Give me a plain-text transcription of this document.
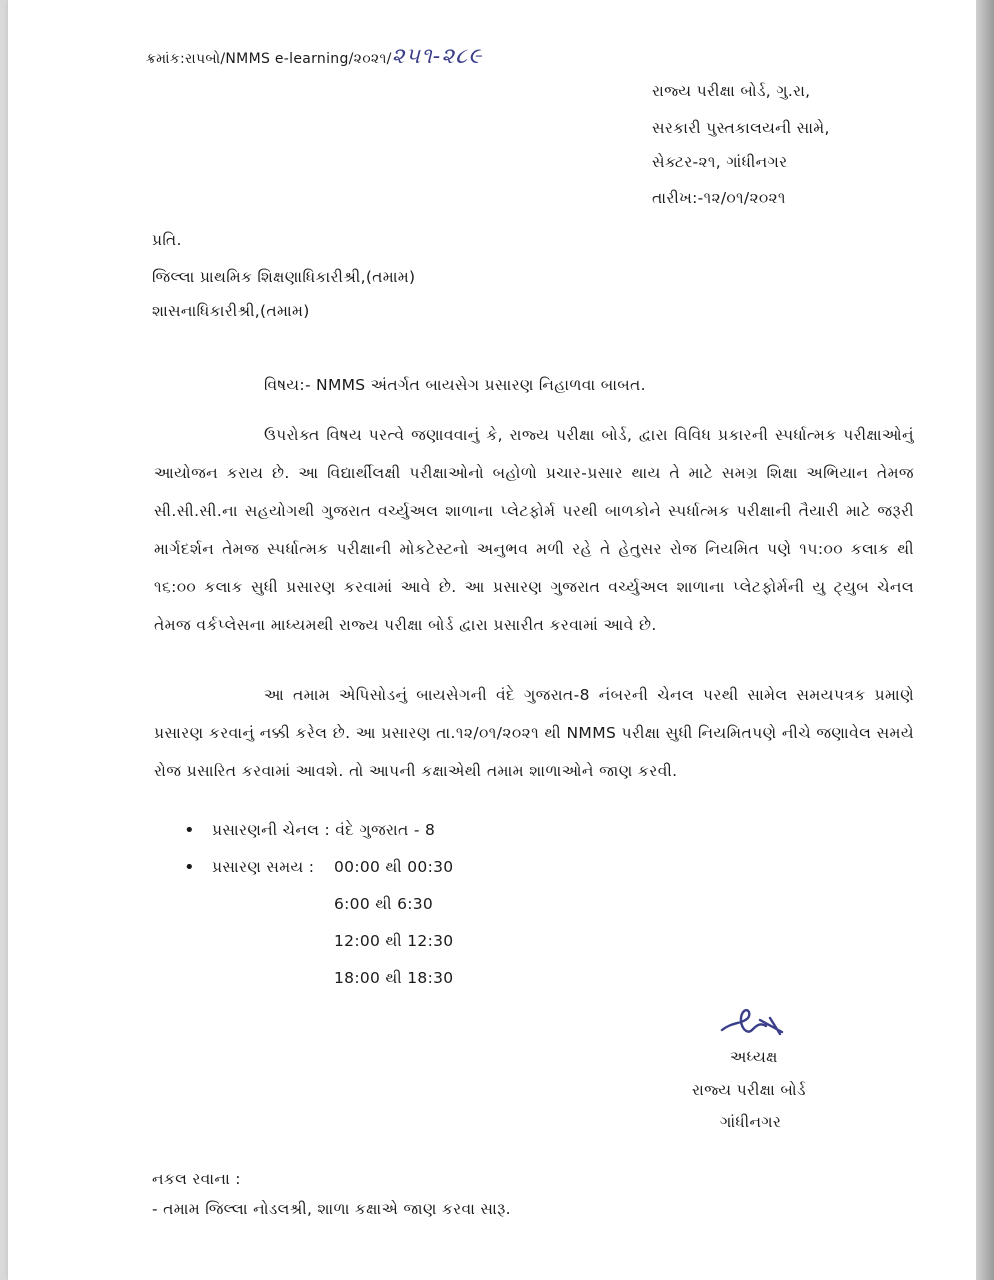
ક્રમાંક:રાપબો/NMMS e-learning/૨૦૨૧/૨૫૧-૨૮૯
રાજ્ય પરીક્ષા બોર્ડ, ગુ.રા,
સરકારી પુસ્તકાલયની સામે,
સેક્ટર-૨૧, ગાંધીનગર
તારીખ:-૧૨/૦૧/૨૦૨૧
પ્રતિ.
જિલ્લા પ્રાથમિક શિક્ષણાધિકારીશ્રી,(તમામ)
શાસનાધિકારીશ્રી,(તમામ)
વિષય:- NMMS અંતર્ગત બાયસેગ પ્રસારણ નિહાળવા બાબત.

ઉપરોક્ત વિષય પરત્વે જણાવવાનું કે, રાજ્ય પરીક્ષા બોર્ડ, દ્વારા વિવિધ પ્રકારની સ્પર્ધાત્મક પરીક્ષાઓનું આયોજન કરાય છે. આ વિદ્યાર્થીલક્ષી પરીક્ષાઓનો બહોળો પ્રચાર-પ્રસાર થાય તે માટે સમગ્ર શિક્ષા અભિયાન તેમજ સી.સી.સી.ના સહયોગથી ગુજરાત વર્ચ્યુઅલ શાળાના પ્લેટફોર્મ પરથી બાળકોને સ્પર્ધાત્મક પરીક્ષાની તૈયારી માટે જરૂરી માર્ગદર્શન તેમજ સ્પર્ધાત્મક પરીક્ષાની મોકટેસ્ટનો અનુભવ મળી રહે તે હેતુસર રોજ નિયમિત પણે ૧૫:૦૦ કલાક થી ૧૬:૦૦ કલાક સુધી પ્રસારણ કરવામાં આવે છે. આ પ્રસારણ ગુજરાત વર્ચ્યુઅલ શાળાના પ્લેટફોર્મની યુ ટ્યુબ ચેનલ તેમજ વર્કપ્લેસના માધ્યમથી રાજ્ય પરીક્ષા બોર્ડ દ્વારા પ્રસારીત કરવામાં આવે છે.

આ તમામ એપિસોડનું બાયસેગની વંદે ગુજરાત-8 નંબરની ચેનલ પરથી સામેલ સમયપત્રક પ્રમાણે પ્રસારણ કરવાનું નક્કી કરેલ છે. આ પ્રસારણ તા.૧૨/૦૧/૨૦૨૧ થી NMMS પરીક્ષા સુધી નિયમિતપણે નીચે જણાવેલ સમયે રોજ પ્રસારિત કરવામાં આવશે. તો આપની કક્ષાએથી તમામ શાળાઓને જાણ કરવી.

• પ્રસારણની ચેનલ : વંદે ગુજરાત - 8
• પ્રસારણ સમય : 00:00 થી 00:30
6:00 થી 6:30
12:00 થી 12:30
18:00 થી 18:30
અધ્યક્ષ
રાજ્ય પરીક્ષા બોર્ડ
ગાંધીનગર
નકલ રવાના :
- તમામ જિલ્લા નોડલશ્રી, શાળા કક્ષાએ જાણ કરવા સારૂ.
